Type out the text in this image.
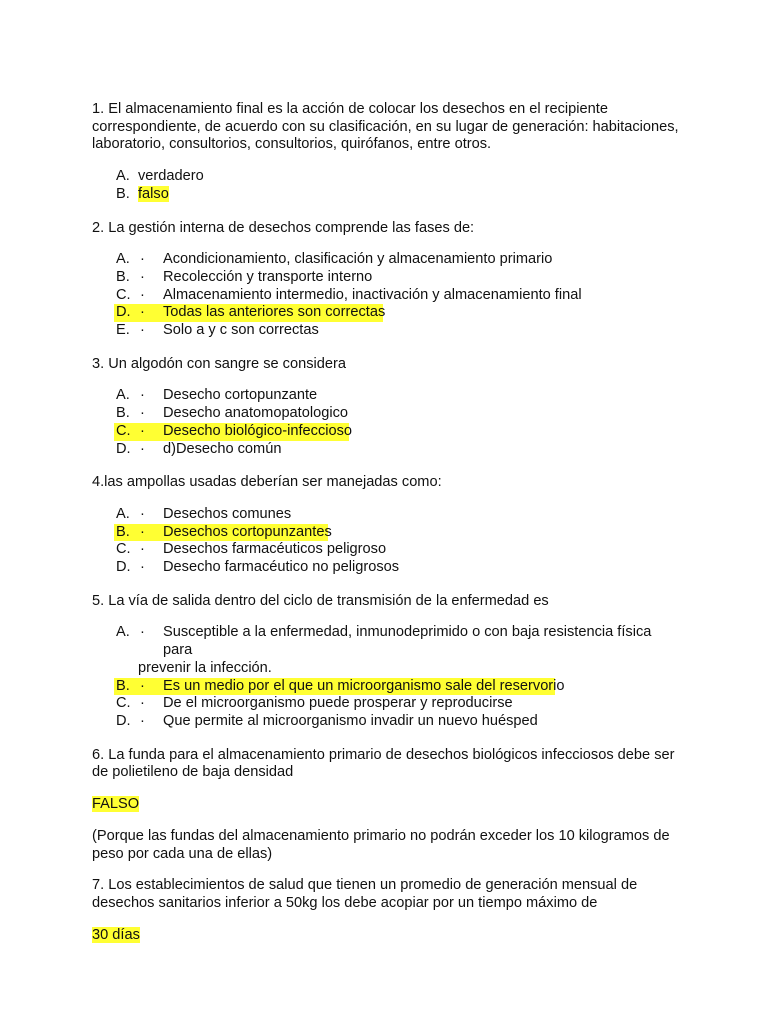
1. El almacenamiento final es la acción de colocar los desechos en el recipiente correspondiente, de acuerdo con su clasificación, en su lugar de generación: habitaciones, laboratorio, consultorios, consultorios, quirófanos, entre otros.

A. verdadero
B. falso

2. La gestión interna de desechos comprende las fases de:

A. · Acondicionamiento, clasificación y almacenamiento primario
B. · Recolección y transporte interno
C. · Almacenamiento intermedio, inactivación y almacenamiento final
D. · Todas las anteriores son correctas
E. · Solo a y c son correctas

3. Un algodón con sangre se considera

A. · Desecho cortopunzante
B. · Desecho anatomopatologico
C. · Desecho biológico-infeccioso
D. · d)Desecho común

4.las ampollas usadas deberían ser manejadas como:

A. · Desechos comunes
B. · Desechos cortopunzantes
C. · Desechos farmacéuticos peligroso
D. · Desecho farmacéutico no peligrosos

5. La vía de salida dentro del ciclo de transmisión de la enfermedad es

A. · Susceptible a la enfermedad, inmunodeprimido o con baja resistencia física para
prevenir la infección.
B. · Es un medio por el que un microorganismo sale del reservorio
C. · De el microorganismo puede prosperar y reproducirse
D. · Que permite al microorganismo invadir un nuevo huésped

6. La funda para el almacenamiento primario de desechos biológicos infecciosos debe ser de polietileno de baja densidad

FALSO

(Porque las fundas del almacenamiento primario no podrán exceder los 10 kilogramos de peso por cada una de ellas)

7. Los establecimientos de salud que tienen un promedio de generación mensual de desechos sanitarios inferior a 50kg los debe acopiar por un tiempo máximo de

30 días
